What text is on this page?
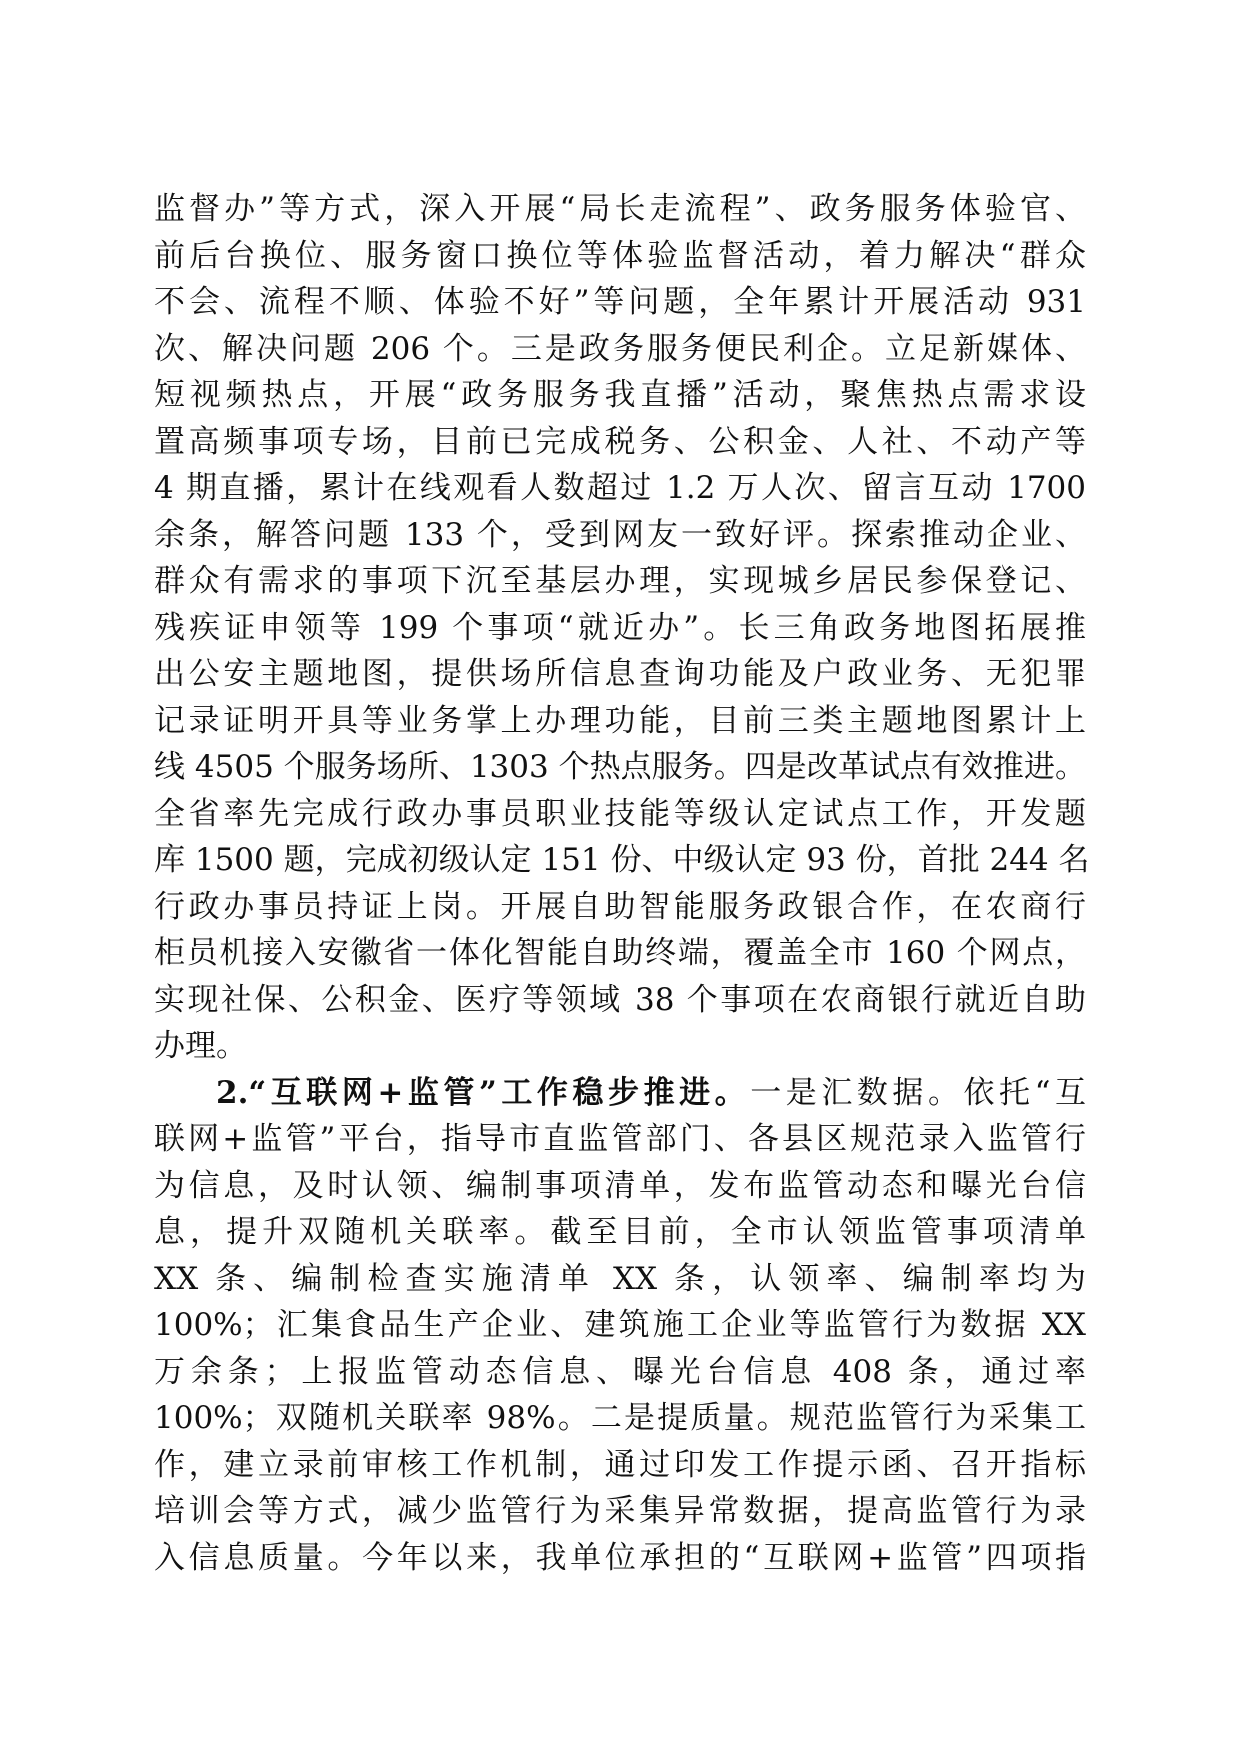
监督办”等方式，深入开展“局长走流程”、政务服务体验官、
前后台换位、服务窗口换位等体验监督活动，着力解决“群众
不会、流程不顺、体验不好”等问题，全年累计开展活动 931
次、解决问题 206 个。三是政务服务便民利企。立足新媒体、
短视频热点，开展“政务服务我直播”活动，聚焦热点需求设
置高频事项专场，目前已完成税务、公积金、人社、不动产等
4 期直播，累计在线观看人数超过 1.2 万人次、留言互动 1700
余条，解答问题 133 个，受到网友一致好评。探索推动企业、
群众有需求的事项下沉至基层办理，实现城乡居民参保登记、
残疾证申领等 199 个事项“就近办”。长三角政务地图拓展推
出公安主题地图，提供场所信息查询功能及户政业务、无犯罪
记录证明开具等业务掌上办理功能，目前三类主题地图累计上
线 4505 个服务场所、1303 个热点服务。四是改革试点有效推进。
全省率先完成行政办事员职业技能等级认定试点工作，开发题
库 1500 题，完成初级认定 151 份、中级认定 93 份，首批 244 名
行政办事员持证上岗。开展自助智能服务政银合作，在农商行
柜员机接入安徽省一体化智能自助终端，覆盖全市 160 个网点，
实现社保、公积金、医疗等领域 38 个事项在农商银行就近自助
办理。
2.“互联网+监管”工作稳步推进。一是汇数据。依托“互
联网+监管”平台，指导市直监管部门、各县区规范录入监管行
为信息，及时认领、编制事项清单，发布监管动态和曝光台信
息，提升双随机关联率。截至目前，全市认领监管事项清单
XX 条、编制检查实施清单 XX 条，认领率、编制率均为
100%；汇集食品生产企业、建筑施工企业等监管行为数据 XX
万余条；上报监管动态信息、曝光台信息 408 条，通过率
100%；双随机关联率 98%。二是提质量。规范监管行为采集工
作，建立录前审核工作机制，通过印发工作提示函、召开指标
培训会等方式，减少监管行为采集异常数据，提高监管行为录
入信息质量。今年以来，我单位承担的“互联网+监管”四项指
